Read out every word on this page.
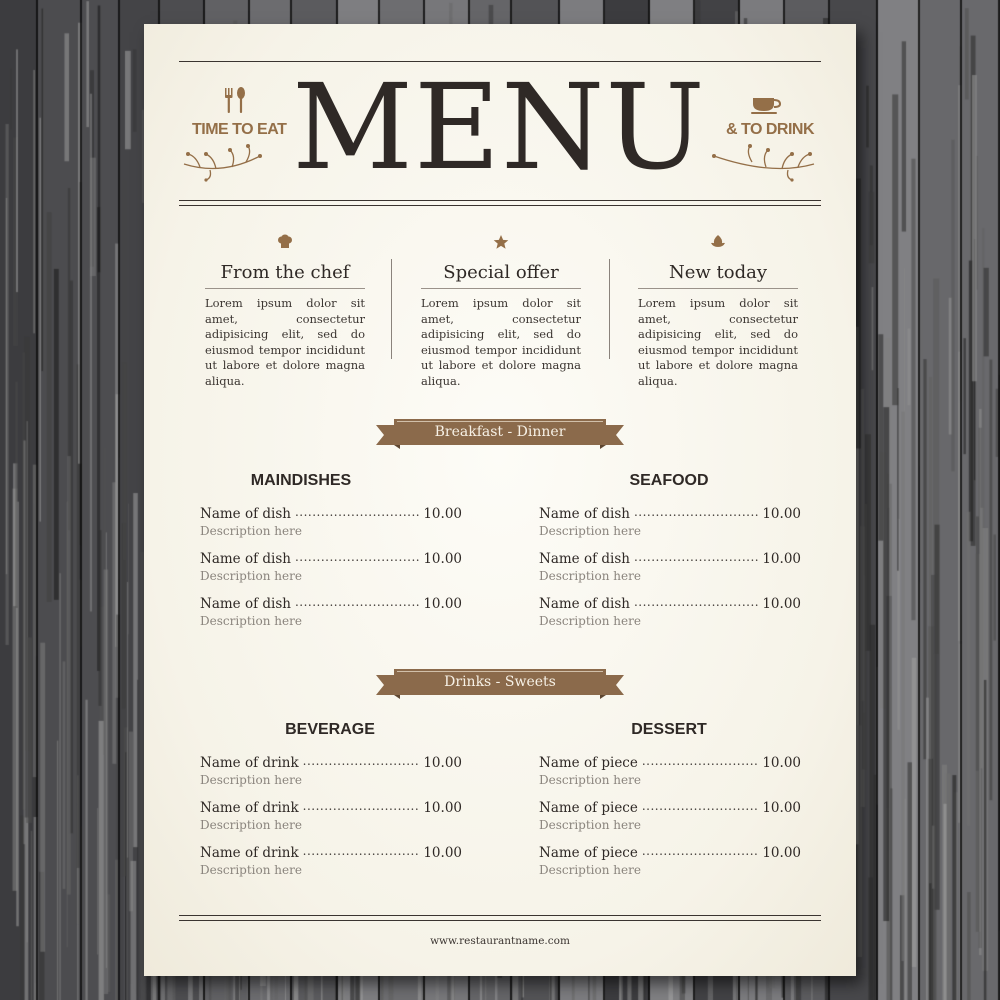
TIME TO EAT MENU	& TO DRINK
From the chef
Lorem ipsum dolor sit amet, consectetur adipisicing elit, sed do eiusmod tempor incididunt ut labore et dolore magna aliqua.
Special offer
Lorem ipsum dolor sit amet, consectetur adipisicing elit, sed do eiusmod tempor incididunt ut labore et dolore magna aliqua.
New today
Lorem ipsum dolor sit amet, consectetur adipisicing elit, sed do eiusmod tempor incididunt ut labore et dolore magna aliqua.
Breakfast - Dinner
MAINDISHES	SEAFOOD
Name of dish .....	10.00
Description here
Name of dish .....	10.00
Description here
Name of dish .....	10.00
Description here
Name of dish .....	10.00
Description here
Name of dish .....	10.00
Description here
Name of dish .....	10.00
Description here
Drinks - Sweets
BEVERAGE	DESSERT
Name of drink .....	10.00
Description here
Name of drink .....	10.00
Description here
Name of drink .....	10.00
Description here
Name of piece .....	10.00
Description here
Name of piece .....	10.00
Description here
Name of piece .....	10.00
Description here
www.restaurantname.com
